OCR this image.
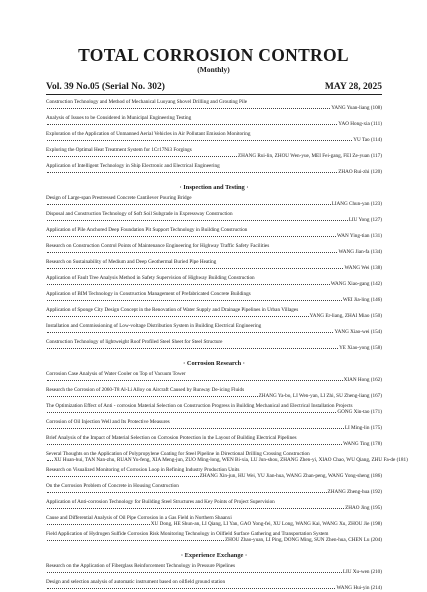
TOTAL CORROSION CONTROL
(Monthly)
Vol. 39 No.05 (Serial No. 302)	MAY 28, 2025
Construction Technology and Method of Mechanical Luoyang Shovel Drilling and Grouting Pile
YANG Yuan-liang (108)
Analysis of Issues to be Considered in Municipal Engineering Testing
YAO Hong-xia (111)
Exploration of the Application of Unmanned Aerial Vehicles in Air Pollutant Emission Monitoring
YU Tao (114)
Exploring the Optimal Heat Treatment System for 1Cr17Ni3 Forgings
ZHANG Rui-lin, ZHOU Wen-yue, MEI Fei-gang, FEI Ze-yuan (117)
Application of Intelligent Technology in Ship Electronic and Electrical Engineering
ZHAO Rui-zhi (120)
· Inspection and Testing ·
Design of Large-span Prestressed Concrete Cantilever Pouring Bridge
LIANG Chun-yan (123)
Disposal and Construction Technology of Soft Soil Subgrade in Expressway Construction
LIU Yong (127)
Application of Pile Anchored Deep Foundation Pit Support Technology in Building Construction
WAN Ying-tian (131)
Research on Construction Control Points of Maintenance Engineering for Highway Traffic Safety Facilities
WANG Jian-fa (134)
Research on Sustainability of Medium and Deep Geothermal Buried Pipe Heating
WANG Wei (138)
Application of Fault Tree Analysis Method in Safety Supervision of Highway Building Construction
WANG Xiao-gang (142)
Application of BIM Technology in Construction Management of Prefabricated Concrete Buildings
WEI Jia-ling (146)
Application of Sponge City Design Concept in the Renovation of Water Supply and Drainage Pipelines in Urban Villages
YANG Er-liang, ZHAI Miao (150)
Installation and Commissioning of Low-voltage Distribution System in Building Electrical Engineering
YANG Xiao-wei (154)
Construction Technology of lightweight Roof Profiled Steel Sheet for Steel Structure
YE Xiao-yong (158)
· Corrosion Research ·
Corrosion Case Analysis of Water Cooler on Top of Vacuum Tower
XIAN Hong (162)
Research the Corrosion of 2060-T8 Al-Li Alloy on Aircraft Caused by Runway De-icing Fluids
ZHANG Ya-bo, LI Wen-yan, LI Zhi, SU Zheng-liang (167)
The Optimization Effect of Anti - corrosion Material Selection on Construction Progress in Building Mechanical and Electrical Installation Projects
GONG Xin-tao (171)
Corrosion of Oil Injection Well and Its Protective Measures
LI Ming-lin (175)
Brief Analysis of the Impact of Material Selection on Corrosion Protection in the Layout of Building Electrical Pipelines
WANG Ting (178)
Several Thoughts on the Application of Polypropylene Coating for Steel Pipeline in Directional Drilling Crossing Construction
XU Huan-hui, TAN Nan-zhu, RUAN Yu-feng, XIA Meng-jun, ZUO Ming-long, WEN Bi-xia, LU Jun-shou, ZHANG Zhen-yi, XIAO Chao, WU Qiang, ZHU Fa-de (181)
Research on Visualized Monitoring of Corrosion Loop in Refining Industry Production Units
ZHANG Xin-jun, HU Wei, YU Jian-hua, WANG Zhan-peng, WANG Yong-sheng (186)
On the Corrosion Problem of Concrete in Housing Construction
ZHANG Zheng-hua (192)
Application of Anti-corrosion Technology for Building Steel Structures and Key Points of Project Supervision
ZHAO Jing (195)
Cause and Differential Analysis of Oil Pipe Corrosion in a Gas Field in Northern Shaanxi
XU Dong, HE Shun-an, LI Qiang, LI Yan, GAO Yong-fei, XU Long, WANG Kai, WANG Xu, ZHOU Jie (198)
Field Application of Hydrogen Sulfide Corrosion Risk Monitoring Technology in Oilfield Surface Gathering and Transportation System
ZHOU Zhao-yuan, LI Ping, DONG Ming, SUN Zhen-hua, CHEN Lu (204)
· Experience Exchange ·
Research on the Application of Fiberglass Reinforcement Technology in Pressure Pipelines
LIU Xu-wen (210)
Design and selection analysis of automatic instrument based on oilfield ground station
WANG Hui-yin (214)
